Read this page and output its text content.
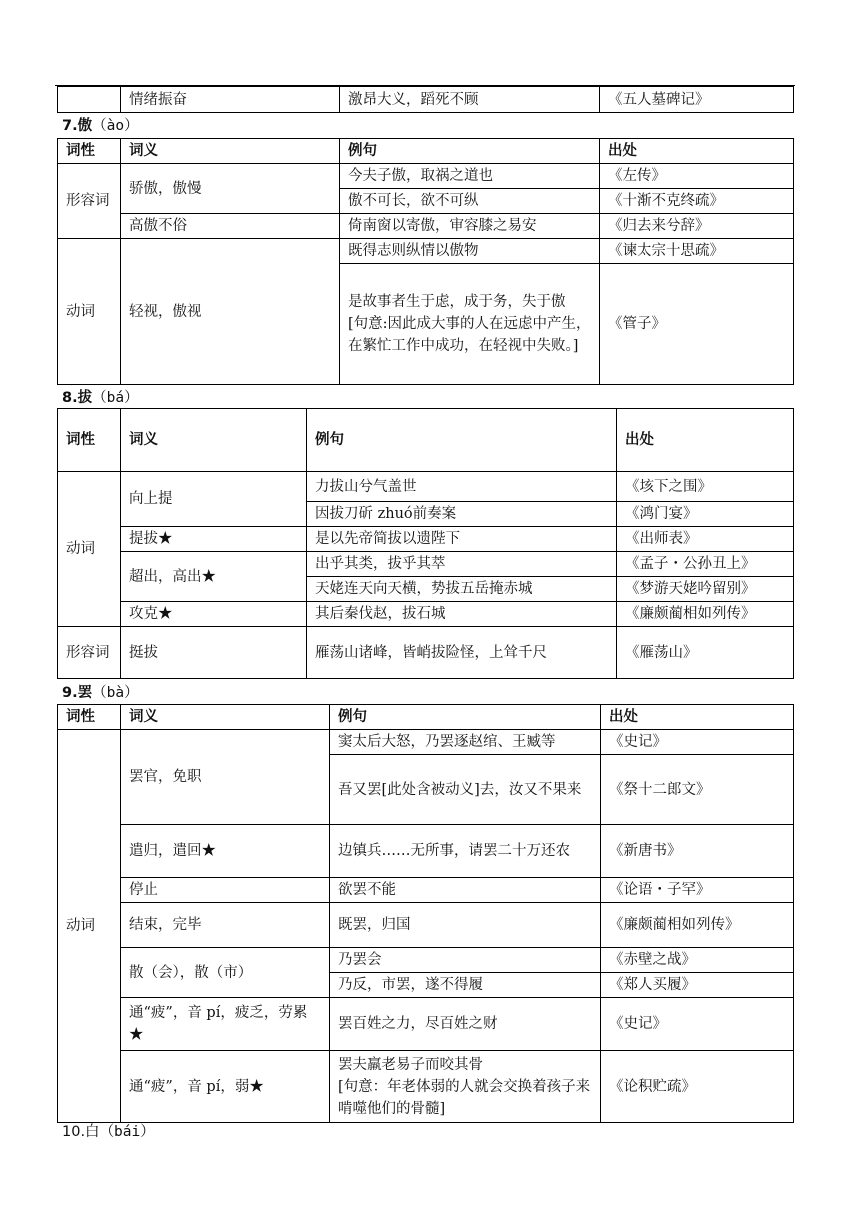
	情绪振奋	激昂大义，蹈死不顾	《五人墓碑记》
7.傲（ào）
词性	词义	例句	出处
形容词	骄傲，傲慢	今夫子傲，取祸之道也	《左传》
		傲不可长，欲不可纵	《十渐不克终疏》
	高傲不俗	倚南窗以寄傲，审容膝之易安	《归去来兮辞》
动词	轻视，傲视	既得志则纵情以傲物	《谏太宗十思疏》

		是故事者生于虑，成于务，失于傲
[句意:因此成大事的人在远虑中产生，在繁忙工作中成功，在轻视中失败。]	《管子》
8.拔（bá）
词性	词义	例句	出处
动词	向上提	力拔山兮气盖世	《垓下之围》
		因拔刀斫 zhuó前奏案	《鸿门宴》
	提拔★	是以先帝简拔以遗陛下	《出师表》
	超出，高出★	出乎其类，拔乎其萃	《孟子・公孙丑上》
		天姥连天向天横，势拔五岳掩赤城	《梦游天姥吟留别》
	攻克★	其后秦伐赵，拔石城	《廉颇蔺相如列传》
形容词	挺拔	雁荡山诸峰，皆峭拔险怪，上耸千尺	《雁荡山》
9.罢（bà）
词性	词义	例句	出处
动词	罢官，免职	窦太后大怒，乃罢逐赵绾、王臧等	《史记》
		吾又罢[此处含被动义]去，汝又不果来	《祭十二郎文》
	遣归，遣回★	边镇兵……无所事，请罢二十万还农	《新唐书》
	停止	欲罢不能	《论语・子罕》
	结束，完毕	既罢，归国	《廉颇蔺相如列传》
	散（会），散（市）	乃罢会	《赤壁之战》
		乃反，市罢，遂不得履	《郑人买履》
	通“疲”，音 pí，疲乏，劳累★	罢百姓之力，尽百姓之财	《史记》
	通“疲”，音 pí，弱★	罢夫羸老易子而咬其骨
[句意：年老体弱的人就会交换着孩子来啃噬他们的骨髓]	《论积贮疏》
10.白（bái）
